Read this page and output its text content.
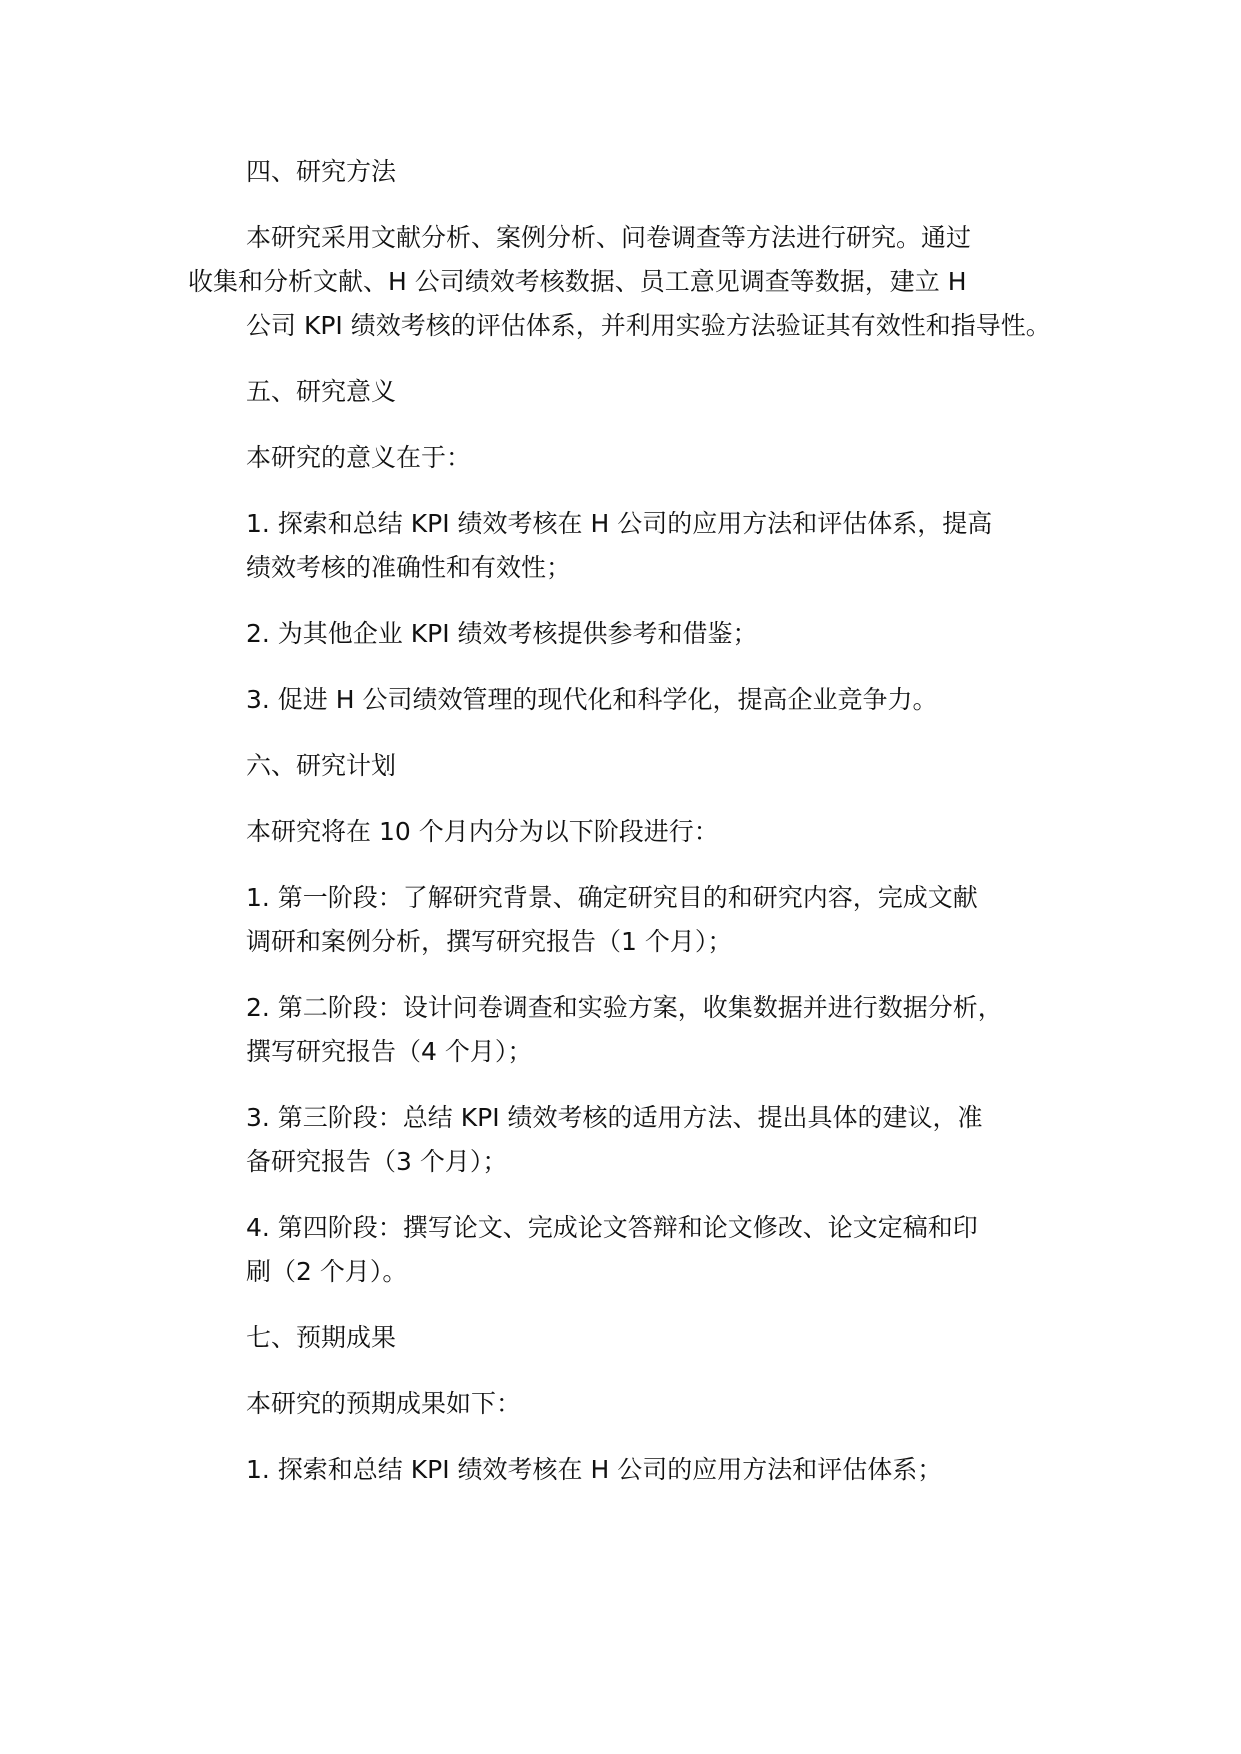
四、研究方法

本研究采用文献分析、案例分析、问卷调查等方法进行研究。通过
收集和分析文献、H 公司绩效考核数据、员工意见调查等数据，建立 H
公司 KPI 绩效考核的评估体系，并利用实验方法验证其有效性和指导性。

五、研究意义

本研究的意义在于：

1. 探索和总结 KPI 绩效考核在 H 公司的应用方法和评估体系，提高
绩效考核的准确性和有效性；

2. 为其他企业 KPI 绩效考核提供参考和借鉴；

3. 促进 H 公司绩效管理的现代化和科学化，提高企业竞争力。

六、研究计划

本研究将在 10 个月内分为以下阶段进行：

1. 第一阶段：了解研究背景、确定研究目的和研究内容，完成文献
调研和案例分析，撰写研究报告（1 个月）；

2. 第二阶段：设计问卷调查和实验方案，收集数据并进行数据分析，
撰写研究报告（4 个月）；

3. 第三阶段：总结 KPI 绩效考核的适用方法、提出具体的建议，准
备研究报告（3 个月）；

4. 第四阶段：撰写论文、完成论文答辩和论文修改、论文定稿和印
刷（2 个月）。

七、预期成果

本研究的预期成果如下：

1. 探索和总结 KPI 绩效考核在 H 公司的应用方法和评估体系；
